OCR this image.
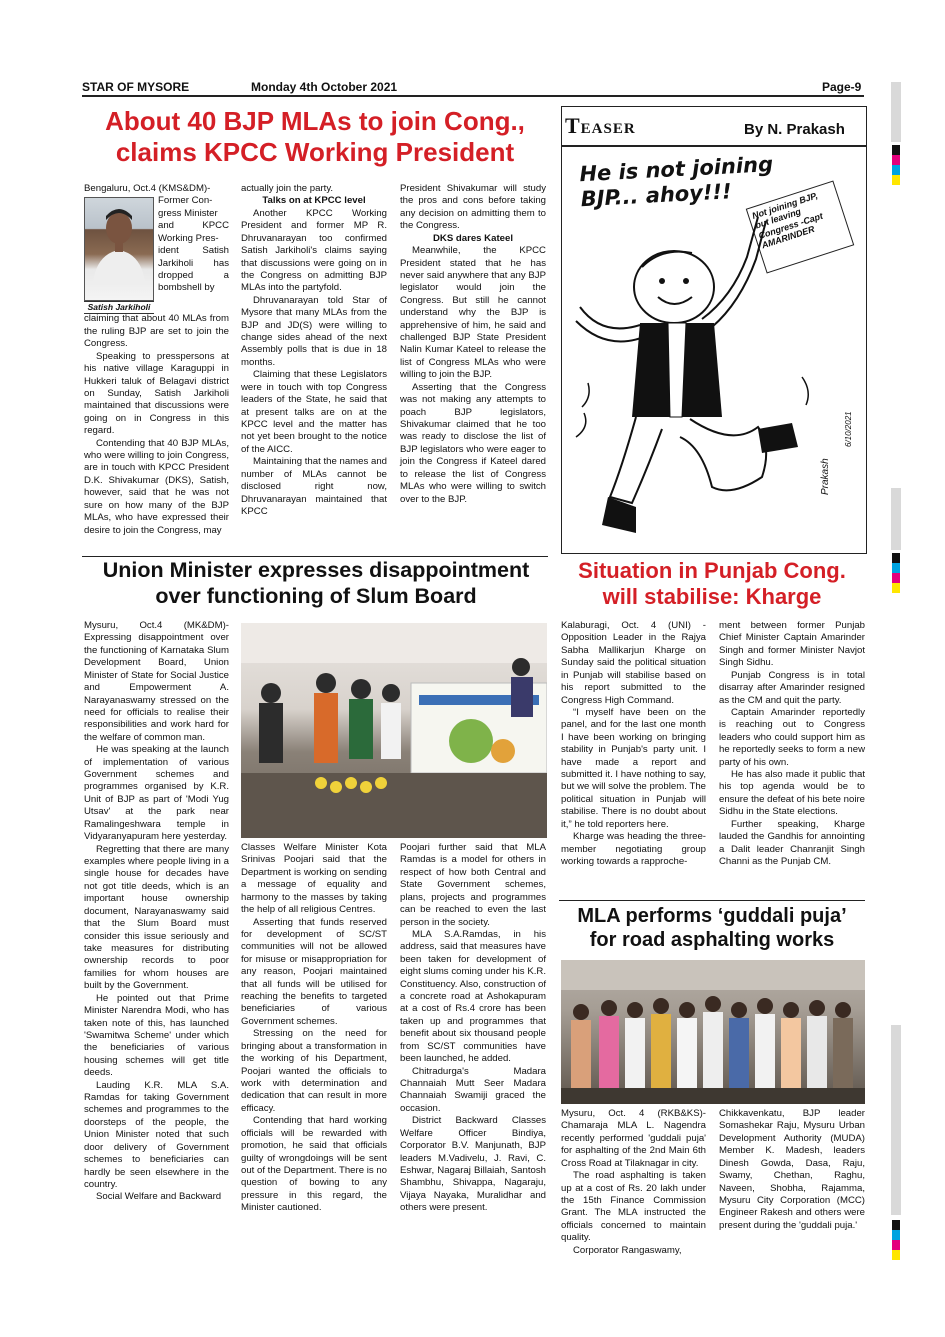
STAR OF MYSORE	Monday 4th October 2021	Page-9
About 40 BJP MLAs to join Cong.,
claims KPCC Working President
Bengaluru, Oct.4 (KMS&DM)-
Satish Jarkiholi
Former Con-
gress Minister
and KPCC
Working Pres-
ident Satish
Jarkiholi has
dropped a
bombshell by

claiming that about 40 MLAs from the ruling BJP are set to join the Congress.

Speaking to presspersons at his native village Karaguppi in Hukkeri taluk of Belagavi district on Sunday, Satish Jarkiholi maintained that discussions were going on in Congress in this regard.

Contending that 40 BJP MLAs, who were willing to join Congress, are in touch with KPCC President D.K. Shivakumar (DKS), Satish, however, said that he was not sure on how many of the BJP MLAs, who have expressed their desire to join the Congress, may

actually join the party.

Talks on at KPCC level

Another KPCC Working President and former MP R. Dhruvanarayan too confirmed Satish Jarkiholi's claims saying that discussions were going on in the Congress on admitting BJP MLAs into the partyfold.

Dhruvanarayan told Star of Mysore that many MLAs from the BJP and JD(S) were willing to change sides ahead of the next Assembly polls that is due in 18 months.

Claiming that these Legislators were in touch with top Congress leaders of the State, he said that at present talks are on at the KPCC level and the matter has not yet been brought to the notice of the AICC.

Maintaining that the names and number of MLAs cannot be disclosed right now, Dhruvanarayan maintained that KPCC

President Shivakumar will study the pros and cons before taking any decision on admitting them to the Congress.

DKS dares Kateel

Meanwhile, the KPCC President stated that he has never said anywhere that any BJP legislator would join the Congress. But still he cannot understand why the BJP is apprehensive of him, he said and challenged BJP State President Nalin Kumar Kateel to release the list of Congress MLAs who were willing to join the BJP.

Asserting that the Congress was not making any attempts to poach BJP legislators, Shivakumar claimed that he too was ready to disclose the list of BJP legislators who were eager to join the Congress if Kateel dared to release the list of Congress MLAs who were willing to switch over to the BJP.

Teaser	By N. Prakash
He is not joining BJP... ahoy!!!	Not joining BJP, but leaving Congress -Capt AMARINDER
Prakash
6/10/2021
Union Minister expresses disappointment
over functioning of Slum Board

Mysuru, Oct.4 (MK&DM)- Expressing disappointment over the functioning of Karnataka Slum Development Board, Union Minister of State for Social Justice and Empowerment A. Narayanaswamy stressed on the need for officials to realise their responsibilities and work hard for the welfare of common man.

He was speaking at the launch of implementation of various Government schemes and programmes organised by K.R. Unit of BJP as part of 'Modi Yug Utsav' at the park near Ramalingeshwara temple in Vidyaranyapuram here yesterday.

Regretting that there are many examples where people living in a single house for decades have not got title deeds, which is an important house ownership document, Narayanaswamy said that the Slum Board must consider this issue seriously and take measures for distributing ownership records to poor families for whom houses are built by the Government.

He pointed out that Prime Minister Narendra Modi, who has taken note of this, has launched 'Swamitwa Scheme' under which the beneficiaries of various housing schemes will get title deeds.

Lauding K.R. MLA S.A. Ramdas for taking Government schemes and programmes to the doorsteps of the people, the Union Minister noted that such door delivery of Government schemes to beneficiaries can hardly be seen elsewhere in the country.

Social Welfare and Backward

Classes Welfare Minister Kota Srinivas Poojari said that the Department is working on sending a message of equality and harmony to the masses by taking the help of all religious Centres.

Asserting that funds reserved for development of SC/ST communities will not be allowed for misuse or misappropriation for any reason, Poojari maintained that all funds will be utilised for reaching the benefits to targeted beneficiaries of various Government schemes.

Stressing on the need for bringing about a transformation in the working of his Department, Poojari wanted the officials to work with determination and dedication that can result in more efficacy.

Contending that hard working officials will be rewarded with promotion, he said that officials guilty of wrongdoings will be sent out of the Department. There is no question of bowing to any pressure in this regard, the Minister cautioned.

Poojari further said that MLA Ramdas is a model for others in respect of how both Central and State Government schemes, plans, projects and programmes can be reached to even the last person in the society.

MLA S.A.Ramdas, in his address, said that measures have been taken for development of eight slums coming under his K.R. Constituency. Also, construction of a concrete road at Ashokapuram at a cost of Rs.4 crore has been taken up and programmes that benefit about six thousand people from SC/ST communities have been launched, he added.

Chitradurga's Madara Channaiah Mutt Seer Madara Channaiah Swamiji graced the occasion.

District Backward Classes Welfare Officer Bindiya, Corporator B.V. Manjunath, BJP leaders M.Vadivelu, J. Ravi, C. Eshwar, Nagaraj Billaiah, Santosh Shambhu, Shivappa, Nagaraju, Vijaya Nayaka, Muralidhar and others were present.

Situation in Punjab Cong.
will stabilise: Kharge

Kalaburagi, Oct. 4 (UNI) - Opposition Leader in the Rajya Sabha Mallikarjun Kharge on Sunday said the political situation in Punjab will stabilise based on his report submitted to the Congress High Command.

“I myself have been on the panel, and for the last one month I have been working on bringing stability in Punjab's party unit. I have made a report and submitted it. I have nothing to say, but we will solve the problem. The political situation in Punjab will stabilise. There is no doubt about it,” he told reporters here.

Kharge was heading the three-member negotiating group working towards a rapproche-

ment between former Punjab Chief Minister Captain Amarinder Singh and former Minister Navjot Singh Sidhu.

Punjab Congress is in total disarray after Amarinder resigned as the CM and quit the party.

Captain Amarinder reportedly is reaching out to Congress leaders who could support him as he reportedly seeks to form a new party of his own.

He has also made it public that his top agenda would be to ensure the defeat of his bete noire Sidhu in the State elections.

Further speaking, Kharge lauded the Gandhis for annointing a Dalit leader Chanranjit Singh Channi as the Punjab CM.

MLA performs ‘guddali puja’
for road asphalting works

Mysuru, Oct. 4 (RKB&KS)- Chamaraja MLA L. Nagendra recently performed 'guddali puja' for asphalting of the 2nd Main 6th Cross Road at Tilaknagar in city.

The road asphalting is taken up at a cost of Rs. 20 lakh under the 15th Finance Commission Grant. The MLA instructed the officials concerned to maintain quality.

Corporator Rangaswamy,

Chikkavenkatu, BJP leader Somashekar Raju, Mysuru Urban Development Authority (MUDA) Member K. Madesh, leaders Dinesh Gowda, Dasa, Raju, Swamy, Chethan, Raghu, Naveen, Shobha, Rajamma, Mysuru City Corporation (MCC) Engineer Rakesh and others were present during the 'guddali puja.'
